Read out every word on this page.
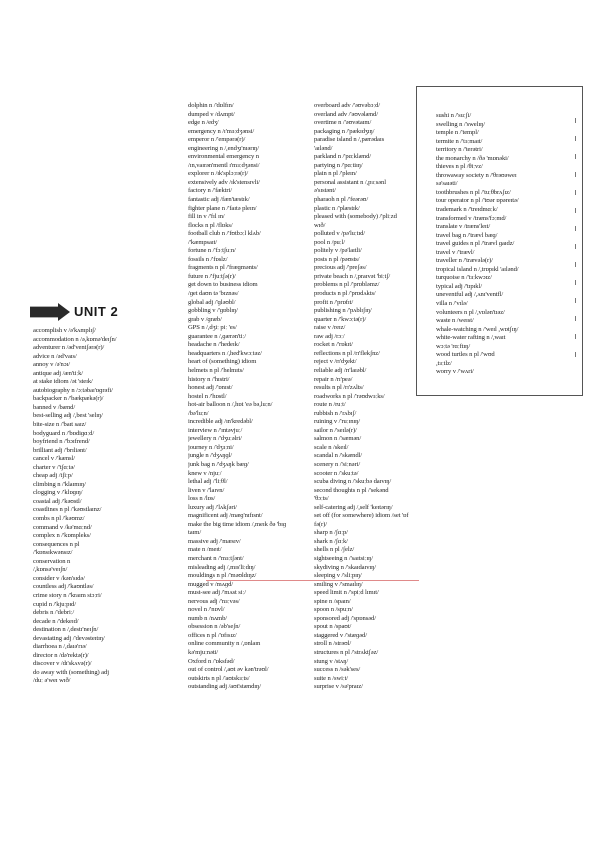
UNIT 2
accomplish v /ə'kʌmplɪʃ/
accommodation n /ə,kɒmə'deɪʃn/
adventurer n /əd'ventʃərə(r)/
advice n /əd'vaɪs/
annoy v /ə'nɔɪ/
antique adj /æn'tiːk/
at stake idiom /ət 'steɪk/
autobiography n /ɔːtəbaɪ'ɒɡrəfi/
backpacker n /'bækpækə(r)/
banned v /bænd/
best-selling adj /,best 'selɪŋ/
bite-size n /'baɪt saɪz/
bodyguard n /'bɒdiɡɑːd/
boyfriend n /'bɔɪfrend/
brilliant adj /'brɪliənt/
cancel v /'kænsl/
charter v /'tʃɑːtə/
cheap adj /tʃiːp/
climbing n /'klaɪmɪŋ/
clogging v /'klɒɡɪŋ/
coastal adj /'kəʊstl/
coastlines n pl /'kəʊstlaɪnz/
combs n pl /'kəʊmz/
command v /kə'mɑːnd/
complex n /'kɒmpleks/
consequences n pl
/'kɒnsɪkwənsɪz/
conservation n
/,kɒnsə'veɪʃn/
consider v /kən'sɪdə/
countless adj /'kaʊntləs/
crime story n /'kraɪm stɔːri/
cupid n /'kjuːpɪd/
debris n /'debriː/
decade n /'dekeɪd/
destination n /,destɪ'neɪʃn/
devastating adj /'devəsteɪtɪŋ/
diarrhoea n /,daɪə'rɪə/
director n /də'rektə(r)/
discover v /dɪ'skʌvə(r)/
do away with (something) adj
/duː ə'weɪ wɪð/
dolphin n /'dɒlfɪn/
dumped v /dʌmpt/
edge n /edʒ/
emergency n /ɪ'mɜːdʒənsi/
emperor n /'empərə(r)/
engineering n /,endʒɪ'nɪərɪŋ/
environmental emergency n
/ɪn,vaɪrən'mentl ɪ'mɜːdʒənsi/
explorer n /ɪk'splɔːrə(r)/
extensively adv /ɪk'stensɪvli/
factory n /'fæktri/
fantastic adj /fæn'tæstɪk/
fighter plane n /'faɪtə pleɪn/
fill in v /'fɪl ɪn/
flocks n pl /flɒks/
football club n /'fʊtbɔːl klʌb/
/'kæmpsaɪt/
fortune n /'fɔːtʃuːn/
fossils n /'fɒslz/
fragments n pl /'fræɡmənts/
future n /'fjuːtʃə(r)/
get down to business idiom
/ɡet daʊn tə 'bɪznəs/
global adj /'ɡləʊbl/
gobbling v /'ɡɒblɪŋ/
grab v /ɡræb/
GPS n /,dʒiː piː 'es/
guarantee n /,ɡærən'tiː/
headache n /'hedeɪk/
headquarters n /,hed'kwɔːtəz/
heart of (something) idiom
helmets n pl /'helmɪts/
history n /'hɪstri/
honest adj /'ɒnɪst/
hostel n /'hɒstl/
hot-air balloon n /,hɒt 'eə bə,luːn/
/bə'luːn/
incredible adj /ɪn'kredəbl/
interview n /'ɪntəvjuː/
jewellery n /'dʒuːəlri/
journey n /'dʒɜːni/
jungle n /'dʒʌŋɡl/
junk bag n /'dʒʌŋk bæɡ/
knew v /njuː/
lethal adj /'liːθl/
liven v /'laɪvn/
loss n /lɒs/
luxury adj /'lʌkʃəri/
magnificent adj /mæɡ'nɪfɪsnt/
make the big time idiom /,meɪk ðə 'bɪɡ
taɪm/
massive adj /'mæsɪv/
mate n /meɪt/
merchant n /'mɜːtʃənt/
misleading adj /,mɪs'liːdɪŋ/
mouldings n pl /'məʊldɪŋz/
mugged v /mʌɡd/
must-see adj /'mʌst siː/
nervous adj /'nɜːvəs/
novel n /'nɒvl/
numb n /nʌmb/
obsession n /əb'seʃn/
offices n pl /'ɒfɪsɪz/
online community n /,ɒnlaɪn
kə'mjuːnəti/
Oxford n /'ɒksfəd/
out of control /,aʊt əv kən'trəʊl/
outskirts n pl /'aʊtskɜːts/
outstanding adj /aʊt'stændɪŋ/
overboard adv /'əʊvəbɔːd/
overland adv /'əʊvəlænd/
overtime n /'əʊvətaɪm/
packaging n /'pækɪdʒɪŋ/
paradise island n /,pærədaɪs
'aɪlənd/
parkland n /'pɑːklænd/
partying n /'pɑːtiɪŋ/
plain n pl /'pleɪn/
personal assistant n /,pɜːsənl
ə'sɪstənt/
pharaoh n pl /'feərəʊ/
plastic n /'plæstɪk/
pleased with (somebody) /'pliːzd
wɪð/
polluted v /pə'luːtɪd/
pool n /puːl/
politely v /pə'laɪtli/
posts n pl /pəʊsts/
precious adj /'preʃəs/
private beach n /,praɪvət 'biːtʃ/
problems n pl /'prɒbləmz/
products n pl /'prɒdʌkts/
profit n /'prɒfɪt/
publishing n /'pʌblɪʃɪŋ/
quarter n /'kwɔːtə(r)/
raise v /reɪz/
raw adj /rɔː/
rocket n /'rɒkɪt/
reflections n pl /rɪ'flekʃnz/
reject v /rɪ'dʒekt/
reliable adj /rɪ'laɪəbl/
repair n /rɪ'peə/
results n pl /rɪ'zʌlts/
roadworks n pl /'rəʊdwɜːks/
route n /ruːt/
rubbish n /'rʌbɪʃ/
ruining v /'ruːɪnɪŋ/
sailor n /'seɪlə(r)/
salmon n /'sæmən/
scale n /skeɪl/
scandal n /'skændl/
scenery n /'siːnəri/
scooter n /'skuːtə/
scuba diving n /'skuːbə daɪvɪŋ/
second thoughts n pl /'sekənd
'θɔːts/
self-catering adj /,self 'keɪtərɪŋ/
set off (for somewhere) idiom /set 'ɒf
fə(r)/
sharp n /ʃɑːp/
shark n /ʃɑːk/
shells n pl /ʃelz/
sightseeing n /'saɪtsiːɪŋ/
skydiving n /'skaɪdaɪvɪŋ/
sleeping v /'sliːpɪŋ/
smiling v /'smaɪlɪŋ/
speed limit n /'spiːd lɪmɪt/
spine n /spaɪn/
spoon n /spuːn/
sponsored adj /'spɒnsəd/
spout n /spaʊt/
staggered v /'stæɡəd/
stroll n /strəʊl/
structures n pl /'strʌktʃəz/
stung v /stʌŋ/
success n /sək'ses/
suite n /swiːt/
surprise v /sə'praɪz/
sushi n /'suːʃi/
swelling n /'swelɪŋ/
temple n /'templ/
termite n /'tɜːmaɪt/
territory n /'terətri/
the monarchy n /ðə 'mɒnəki/
thieves n pl /θiːvz/
throwaway society n /'θrəʊəweɪ
sə'saɪəti/
toothbrushes n pl /'tuːθbrʌʃɪz/
tour operator n pl /'tʊər ɒpəreɪtə/
trademark n /'treɪdmɑːk/
transformed v /træns'fɔːmd/
translate v /træns'leɪt/
travel bag n /'trævl bæɡ/
travel guides n pl /'trævl ɡaɪdz/
travel v /'trævl/
traveller n /'trævələ(r)/
tropical island n /,trɒpɪkl 'aɪlənd/
turquoise n /'tɜːkwɔɪz/
typical adj /'tɪpɪkl/
uneventful adj /,ʌnɪ'ventfl/
villa n /'vɪlə/
volunteers n pl /,vɒlən'tɪəz/
waste n /weɪst/
whale-watching n /'weɪl ,wɒtʃɪŋ/
white-water rafting n /,waɪt
wɔːtə 'rɑːftɪŋ/
wood turtles n pl /'wʊd
,tɜːtlz/
worry v /'wʌri/
